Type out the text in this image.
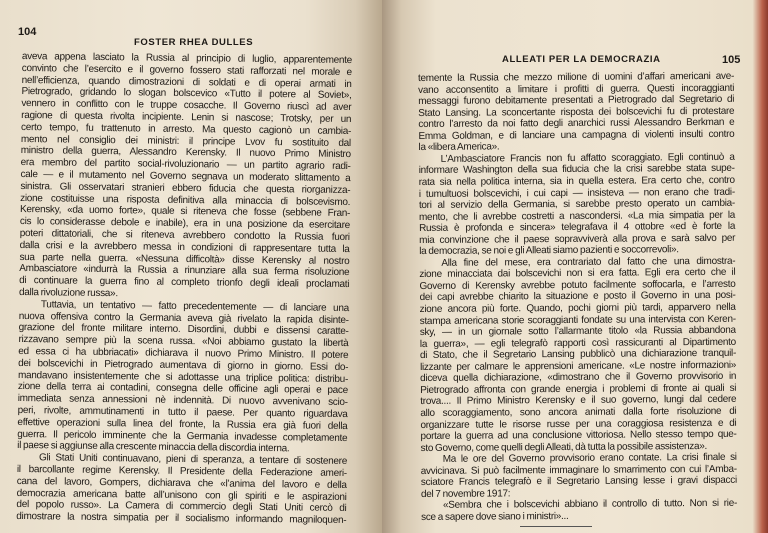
104
FOSTER RHEA DULLES
aveva appena lasciato la Russia al principio di luglio, apparentemente
convinto che l’esercito e il governo fossero stati rafforzati nel morale e
nell’efficienza, quando dimostrazioni di soldati e di operai armati in
Pietrogrado, gridando lo slogan bolscevico «Tutto il potere al Soviet»,
vennero in conflitto con le truppe cosacche. Il Governo riuscì ad aver
ragione di questa rivolta incipiente. Lenin si nascose; Trotsky, per un
certo tempo, fu trattenuto in arresto. Ma questo cagionò un cambia-
mento nel consiglio dei ministri: il principe Lvov fu sostituito dal
ministro della guerra, Alessandro Kerensky. Il nuovo Primo Ministro
era membro del partito social-rivoluzionario — un partito agrario radi-
cale — e il mutamento nel Governo segnava un moderato slittamento a
sinistra. Gli osservatari stranieri ebbero fiducia che questa riorganizza-
zione costituisse una risposta definitiva alla minaccia di bolscevismo.
Kerensky, «da uomo forte», quale si riteneva che fosse (sebbene Fran-
cis lo considerasse debole e inabile), era in una posizione da esercitare
poteri dittatoriali, che si riteneva avrebbero condotto la Russia fuori
dalla crisi e la avrebbero messa in condizioni di rappresentare tutta la
sua parte nella guerra. «Nessuna difficoltà» disse Kerensky al nostro
Ambasciatore «indurrà la Russia a rinunziare alla sua ferma risoluzione
di continuare la guerra fino al completo trionfo degli ideali proclamati
dalla rivoluzione russa».
Tuttavia, un tentativo — fatto precedentemente — di lanciare una
nuova offensiva contro la Germania aveva già rivelato la rapida disinte-
grazione del fronte militare interno. Disordini, dubbi e dissensi caratte-
rizzavano sempre più la scena russa. «Noi abbiamo gustato la libertà
ed essa ci ha ubbriacati» dichiarava il nuovo Primo Ministro. Il potere
dei bolscevichi in Pietrogrado aumentava di giorno in giorno. Essi do-
mandavano insistentemente che si adottasse una triplice politica: distribu-
zione della terra ai contadini, consegna delle officine agli operai e pace
immediata senza annessioni nè indennità. Di nuovo avvenivano scio-
peri, rivolte, ammutinamenti in tutto il paese. Per quanto riguardava
effettive operazioni sulla linea del fronte, la Russia era già fuori della
guerra. Il pericolo imminente che la Germania invadesse completamente
il paese si aggiunse alla crescente minaccia della discordia interna.
Gli Stati Uniti continuavano, pieni di speranza, a tentare di sostenere
il barcollante regime Kerensky. Il Presidente della Federazione ameri-
cana del lavoro, Gompers, dichiarava che «l’anima del lavoro e della
democrazia americana batte all’unisono con gli spiriti e le aspirazioni
del popolo russo». La Camera di commercio degli Stati Uniti cercò di
dimostrare la nostra simpatia per il socialismo informando magniloquen-
ALLEATI PER LA DEMOCRAZIA	105
temente la Russia che mezzo milione di uomini d’affari americani ave-
vano acconsentito a limitare i profitti di guerra. Questi incoraggianti
messaggi furono debitamente presentati a Pietrogrado dal Segretario di
Stato Lansing. La sconcertante risposta dei bolscevichi fu di protestare
contro l’arresto da noi fatto degli anarchici russi Alessandro Berkman e
Emma Goldman, e di lanciare una campagna di violenti insulti contro
la «libera America».
L’Ambasciatore Francis non fu affatto scoraggiato. Egli continuò a
informare Washington della sua fiducia che la crisi sarebbe stata supe-
rata sia nella politica interna, sia in quella estera. Era certo che, contro
i tumultuosi bolscevichi, i cui capi — insisteva — non erano che tradi-
tori al servizio della Germania, si sarebbe presto operato un cambia-
mento, che li avrebbe costretti a nascondersi. «La mia simpatia per la
Russia è profonda e sincera» telegrafava il 4 ottobre «ed è forte la
mia convinzione che il paese sopravviverà alla prova e sarà salvo per
la democrazia, se noi e gli Alleati siamo pazienti e soccorrevoli».
Alla fine del mese, era contrariato dal fatto che una dimostra-
zione minacciata dai bolscevichi non si era fatta. Egli era certo che il
Governo di Kerensky avrebbe potuto facilmente soffocarla, e l’arresto
dei capi avrebbe chiarito la situazione e posto il Governo in una posi-
zione ancora più forte. Quando, pochi giorni più tardi, apparvero nella
stampa americana storie scoraggianti fondate su una intervista con Keren-
sky, — in un giornale sotto l’allarmante titolo «la Russia abbandona
la guerra», — egli telegrafò rapporti così rassicuranti al Dipartimento
di Stato, che il Segretario Lansing pubblicò una dichiarazione tranquil-
lizzante per calmare le apprensioni americane. «Le nostre informazioni»
diceva quella dichiarazione, «dimostrano che il Governo provvisorio in
Pietrogrado affronta con grande energia i problemi di fronte ai quali si
trova.... Il Primo Ministro Kerensky e il suo governo, lungi dal cedere
allo scoraggiamento, sono ancora animati dalla forte risoluzione di
organizzare tutte le risorse russe per una coraggiosa resistenza e di
portare la guerra ad una conclusione vittoriosa. Nello stesso tempo que-
sto Governo, come quelli degli Alleati, dà tutta la possibile assistenza».
Ma le ore del Governo provvisorio erano contate. La crisi finale si
avvicinava. Si può facilmente immaginare lo smarrimento con cui l’Amba-
sciatore Francis telegrafò e il Segretario Lansing lesse i gravi dispacci
del 7 novembre 1917:
«Sembra che i bolscevichi abbiano il controllo di tutto. Non si rie-
sce a sapere dove siano i ministri»...
